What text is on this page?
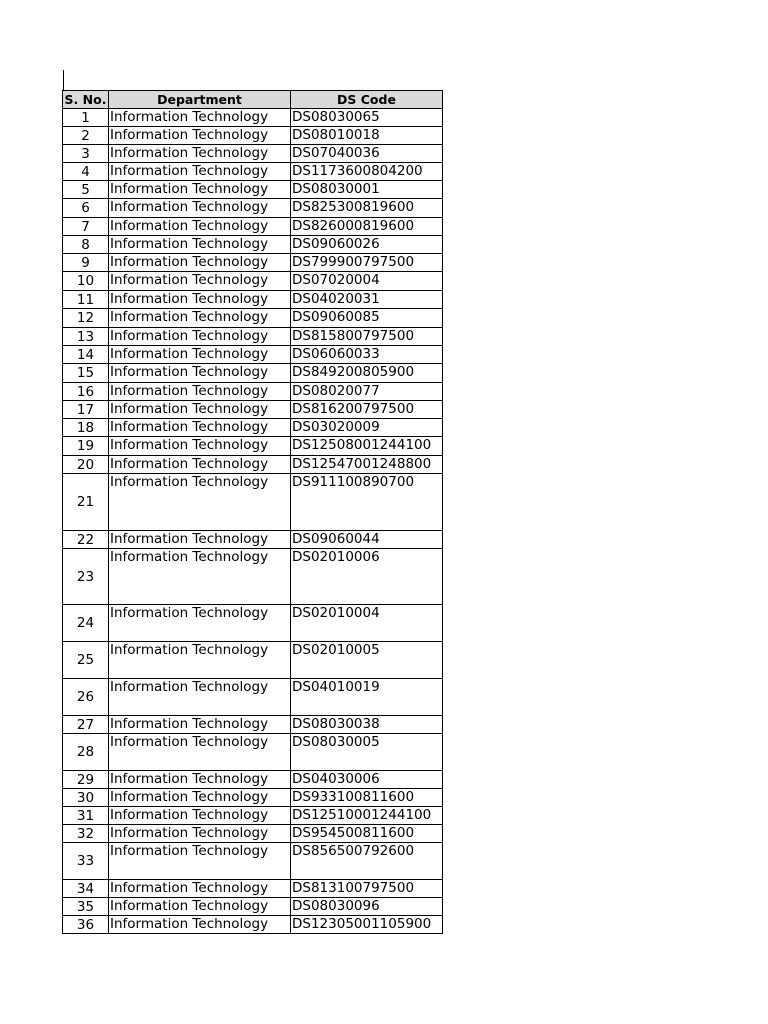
S. No.	Department	DS Code
1	Information Technology	DS08030065
2	Information Technology	DS08010018
3	Information Technology	DS07040036
4	Information Technology	DS1173600804200
5	Information Technology	DS08030001
6	Information Technology	DS825300819600
7	Information Technology	DS826000819600
8	Information Technology	DS09060026
9	Information Technology	DS799900797500
10	Information Technology	DS07020004
11	Information Technology	DS04020031
12	Information Technology	DS09060085
13	Information Technology	DS815800797500
14	Information Technology	DS06060033
15	Information Technology	DS849200805900
16	Information Technology	DS08020077
17	Information Technology	DS816200797500
18	Information Technology	DS03020009
19	Information Technology	DS12508001244100
20	Information Technology	DS12547001248800
21	Information Technology	DS911100890700
22	Information Technology	DS09060044
23	Information Technology	DS02010006
24	Information Technology	DS02010004
25	Information Technology	DS02010005
26	Information Technology	DS04010019
27	Information Technology	DS08030038
28	Information Technology	DS08030005
29	Information Technology	DS04030006
30	Information Technology	DS933100811600
31	Information Technology	DS12510001244100
32	Information Technology	DS954500811600
33	Information Technology	DS856500792600
34	Information Technology	DS813100797500
35	Information Technology	DS08030096
36	Information Technology	DS12305001105900
